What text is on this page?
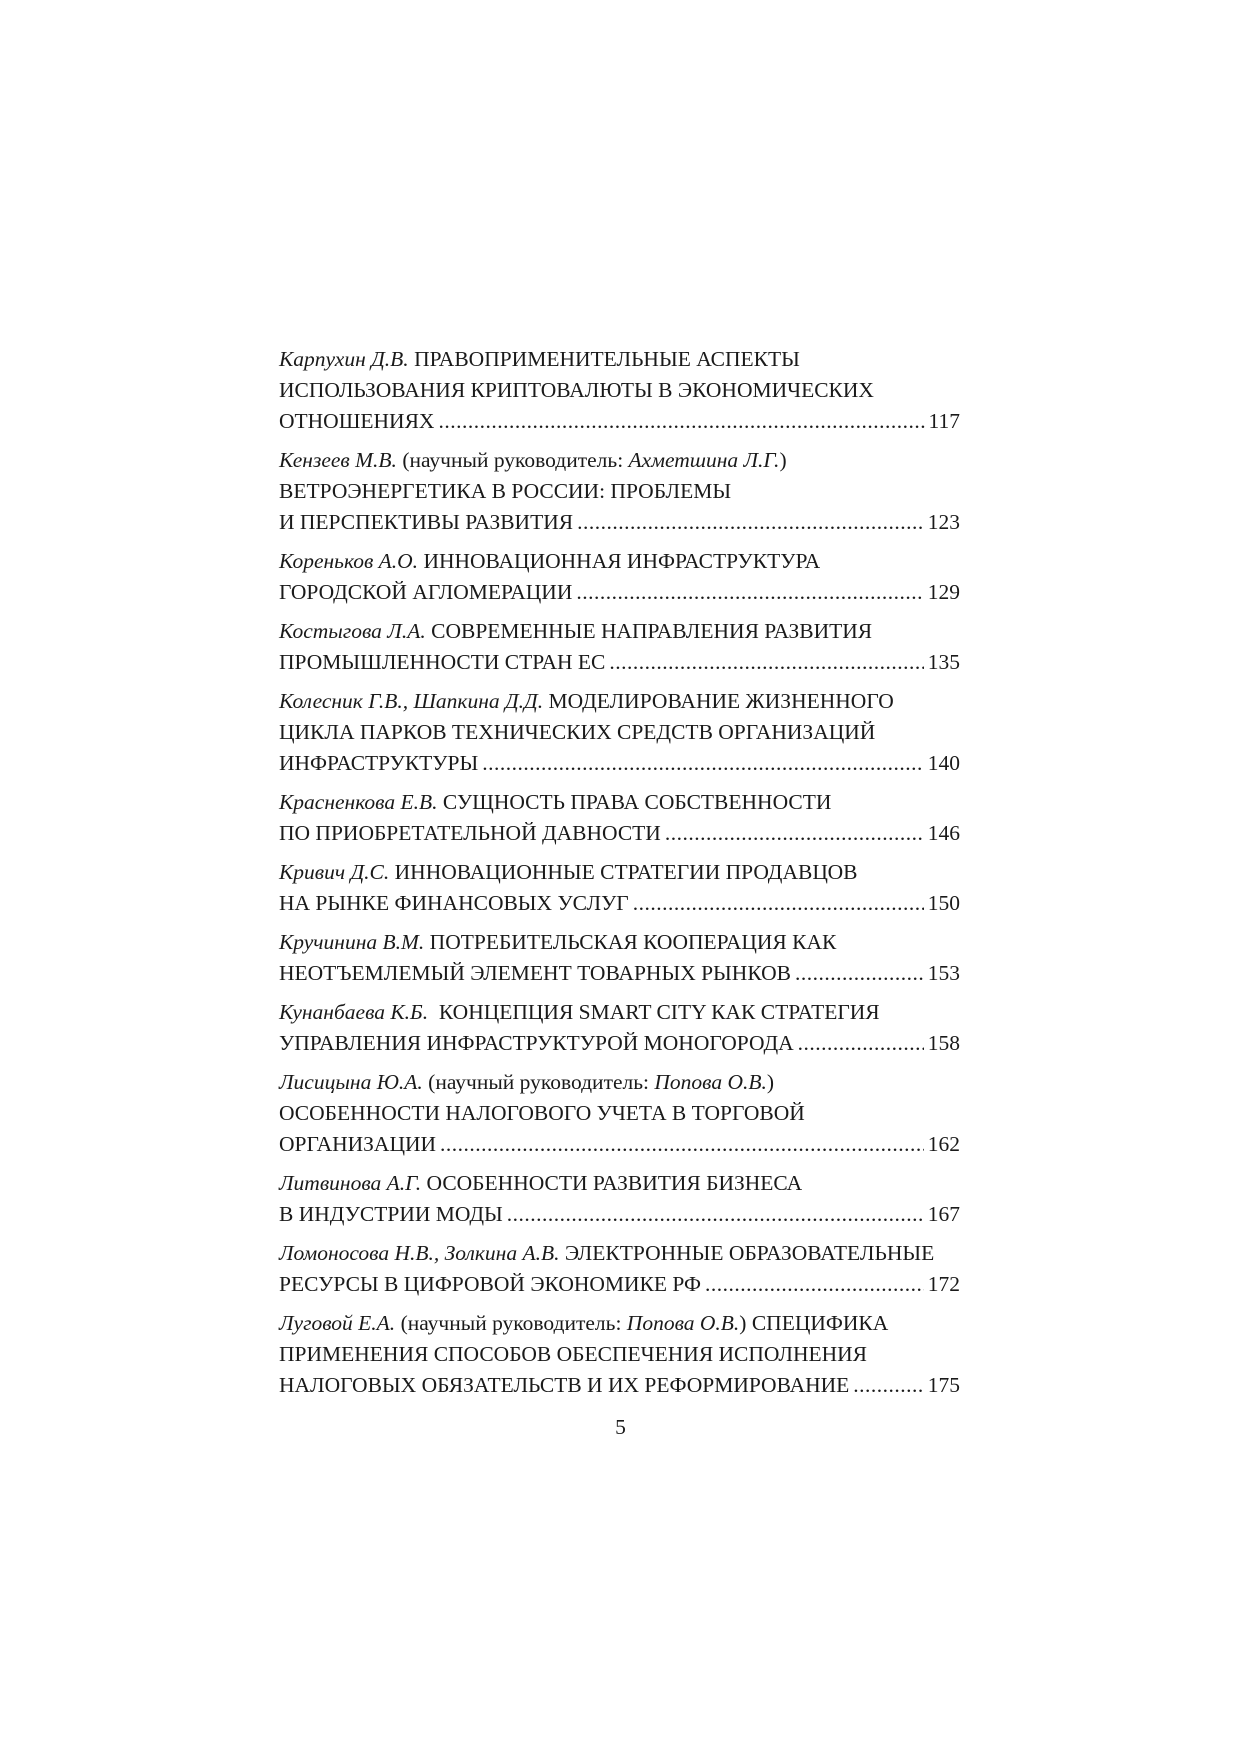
Карпухин Д.В. ПРАВОПРИМЕНИТЕЛЬНЫЕ АСПЕКТЫ
ИСПОЛЬЗОВАНИЯ КРИПТОВАЛЮТЫ В ЭКОНОМИЧЕСКИХ
ОТНОШЕНИЯХ .....	117
Кензеев М.В. (научный руководитель: Ахметшина Л.Г.)
ВЕТРОЭНЕРГЕТИКА В РОССИИ: ПРОБЛЕМЫ
И ПЕРСПЕКТИВЫ РАЗВИТИЯ .....	123
Кореньков А.О. ИННОВАЦИОННАЯ ИНФРАСТРУКТУРА
ГОРОДСКОЙ АГЛОМЕРАЦИИ .....	129
Костыгова Л.А. СОВРЕМЕННЫЕ НАПРАВЛЕНИЯ РАЗВИТИЯ
ПРОМЫШЛЕННОСТИ СТРАН ЕС .....	135
Колесник Г.В., Шапкина Д.Д. МОДЕЛИРОВАНИЕ ЖИЗНЕННОГО
ЦИКЛА ПАРКОВ ТЕХНИЧЕСКИХ СРЕДСТВ ОРГАНИЗАЦИЙ
ИНФРАСТРУКТУРЫ .....	140
Красненкова Е.В. СУЩНОСТЬ ПРАВА СОБСТВЕННОСТИ
ПО ПРИОБРЕТАТЕЛЬНОЙ ДАВНОСТИ .....	146
Кривич Д.С. ИННОВАЦИОННЫЕ СТРАТЕГИИ ПРОДАВЦОВ
НА РЫНКЕ ФИНАНСОВЫХ УСЛУГ .....	150
Кручинина В.М. ПОТРЕБИТЕЛЬСКАЯ КООПЕРАЦИЯ КАК
НЕОТЪЕМЛЕМЫЙ ЭЛЕМЕНТ ТОВАРНЫХ РЫНКОВ .....	153
Кунанбаева К.Б. КОНЦЕПЦИЯ SMART CITY КАК СТРАТЕГИЯ
УПРАВЛЕНИЯ ИНФРАСТРУКТУРОЙ МОНОГОРОДА .....	158
Лисицына Ю.А. (научный руководитель: Попова О.В.)
ОСОБЕННОСТИ НАЛОГОВОГО УЧЕТА В ТОРГОВОЙ
ОРГАНИЗАЦИИ .....	162
Литвинова А.Г. ОСОБЕННОСТИ РАЗВИТИЯ БИЗНЕСА
В ИНДУСТРИИ МОДЫ .....	167
Ломоносова Н.В., Золкина А.В. ЭЛЕКТРОННЫЕ ОБРАЗОВАТЕЛЬНЫЕ
РЕСУРСЫ В ЦИФРОВОЙ ЭКОНОМИКЕ РФ .....	172
Луговой Е.А. (научный руководитель: Попова О.В.) СПЕЦИФИКА
ПРИМЕНЕНИЯ СПОСОБОВ ОБЕСПЕЧЕНИЯ ИСПОЛНЕНИЯ
НАЛОГОВЫХ ОБЯЗАТЕЛЬСТВ И ИХ РЕФОРМИРОВАНИЕ .....	175
5
